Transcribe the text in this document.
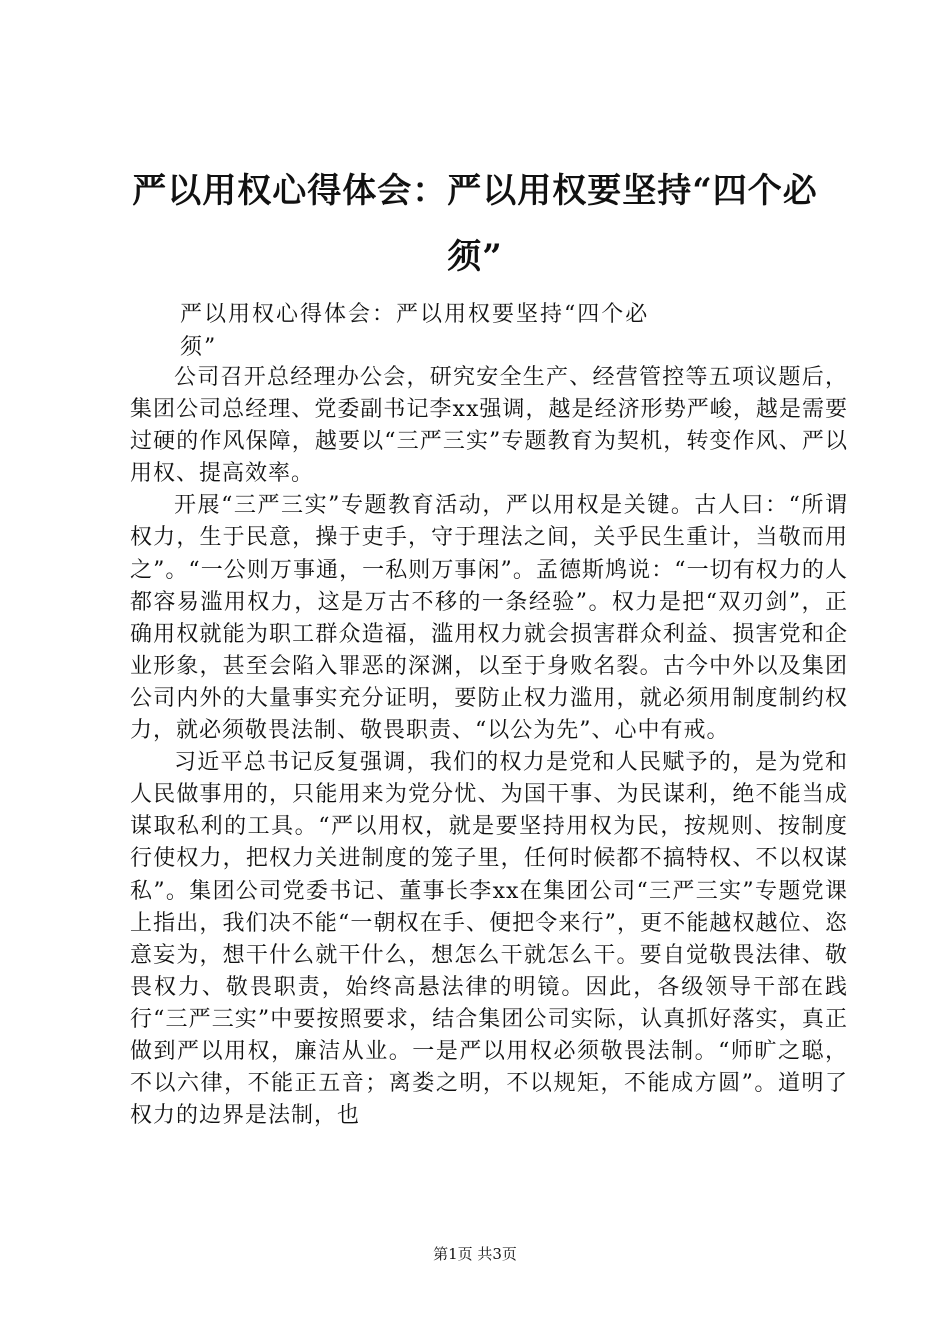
严以用权心得体会：严以用权要坚持“四个必须”

严以用权心得体会：严以用权要坚持“四个必须”

公司召开总经理办公会，研究安全生产、经营管控等五项议题后，集团公司总经理、党委副书记李xx强调，越是经济形势严峻，越是需要过硬的作风保障，越要以“三严三实”专题教育为契机，转变作风、严以用权、提高效率。

开展“三严三实”专题教育活动，严以用权是关键。古人曰：“所谓权力，生于民意，操于吏手，守于理法之间，关乎民生重计，当敬而用之”。“一公则万事通，一私则万事闲”。孟德斯鸠说：“一切有权力的人都容易滥用权力，这是万古不移的一条经验”。权力是把“双刃剑”，正确用权就能为职工群众造福，滥用权力就会损害群众利益、损害党和企业形象，甚至会陷入罪恶的深渊，以至于身败名裂。古今中外以及集团公司内外的大量事实充分证明，要防止权力滥用，就必须用制度制约权力，就必须敬畏法制、敬畏职责、“以公为先”、心中有戒。

习近平总书记反复强调，我们的权力是党和人民赋予的，是为党和人民做事用的，只能用来为党分忧、为国干事、为民谋利，绝不能当成谋取私利的工具。“严以用权，就是要坚持用权为民，按规则、按制度行使权力，把权力关进制度的笼子里，任何时候都不搞特权、不以权谋私”。集团公司党委书记、董事长李xx在集团公司“三严三实”专题党课上指出，我们决不能“一朝权在手、便把令来行”，更不能越权越位、恣意妄为，想干什么就干什么，想怎么干就怎么干。要自觉敬畏法律、敬畏权力、敬畏职责，始终高悬法律的明镜。因此，各级领导干部在践行“三严三实”中要按照要求，结合集团公司实际，认真抓好落实，真正做到严以用权，廉洁从业。一是严以用权必须敬畏法制。“师旷之聪，不以六律，不能正五音；离娄之明，不以规矩，不能成方圆”。道明了权力的边界是法制，也

第1页 共3页
